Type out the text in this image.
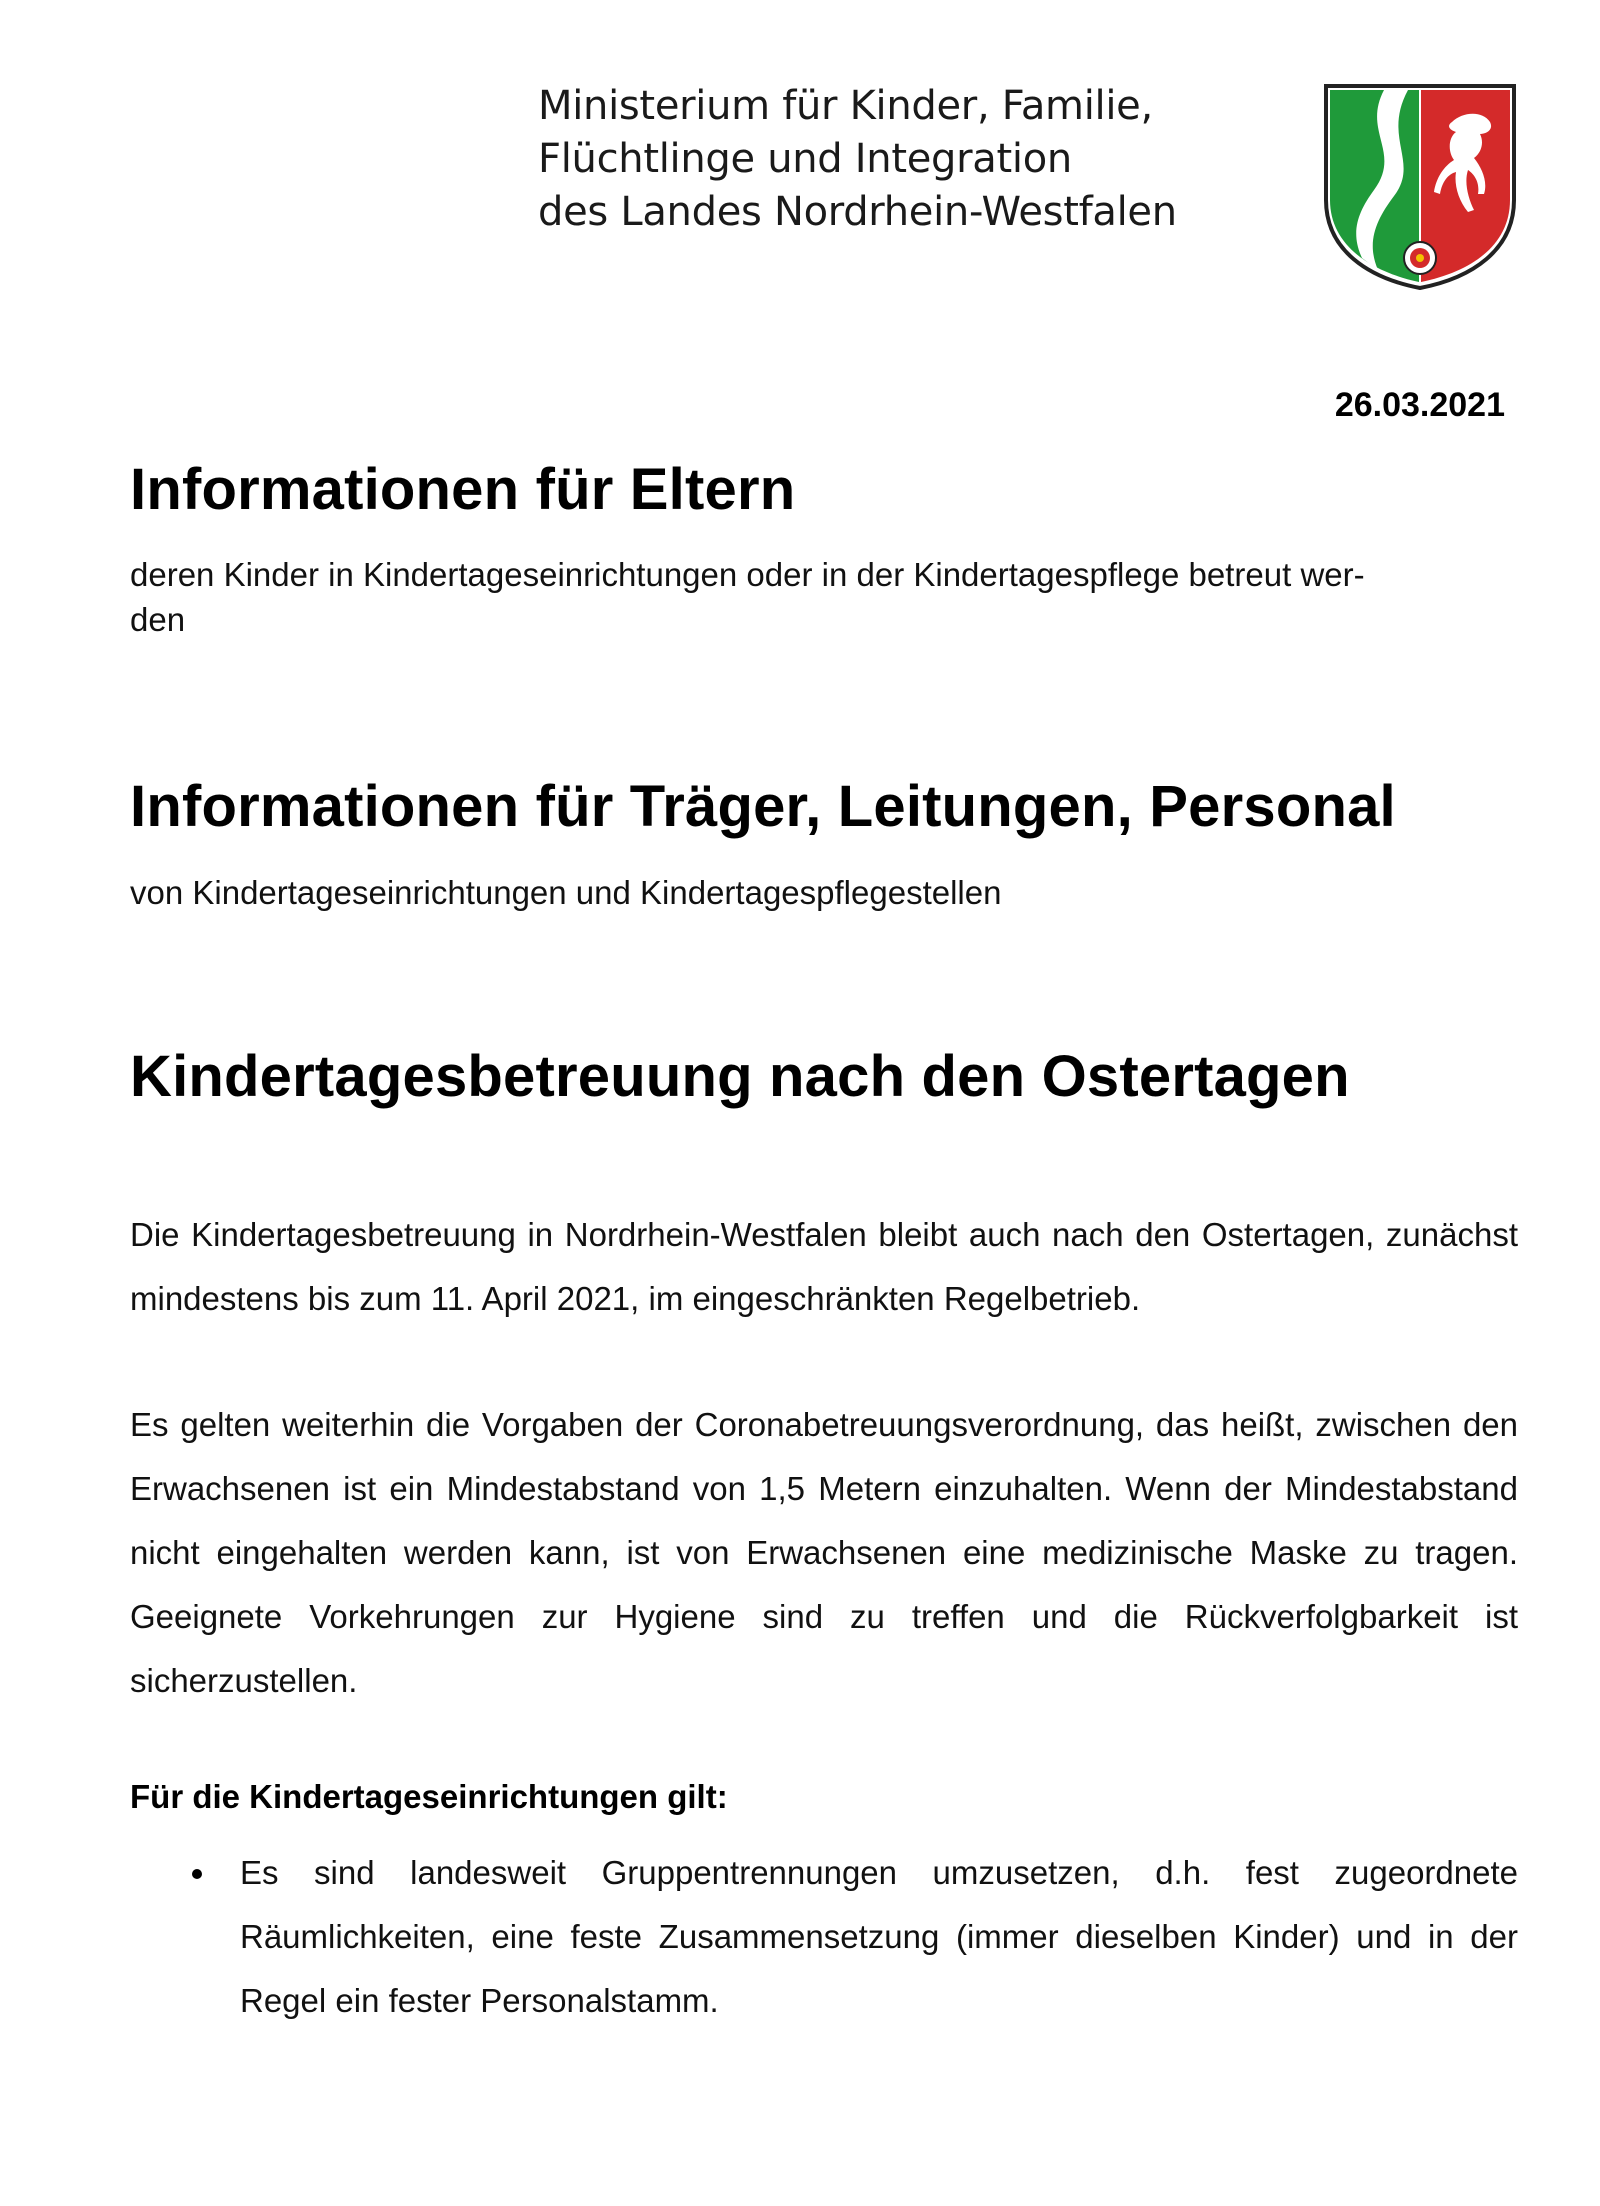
Ministerium für Kinder, Familie,
Flüchtlinge und Integration
des Landes Nordrhein-Westfalen
26.03.2021
Informationen für Eltern
deren Kinder in Kindertageseinrichtungen oder in der Kindertagespflege betreut wer-
den
Informationen für Träger, Leitungen, Personal
von Kindertageseinrichtungen und Kindertagespflegestellen
Kindertagesbetreuung nach den Ostertagen
Die Kindertagesbetreuung in Nordrhein-Westfalen bleibt auch nach den Ostertagen, zunächst mindestens bis zum 11. April 2021, im eingeschränkten Regelbetrieb.
Es gelten weiterhin die Vorgaben der Coronabetreuungsverordnung, das heißt, zwischen den Erwachsenen ist ein Mindestabstand von 1,5 Metern einzuhalten. Wenn der Mindestabstand nicht eingehalten werden kann, ist von Erwachsenen eine medizinische Maske zu tragen. Geeignete Vorkehrungen zur Hygiene sind zu treffen und die Rückverfolgbarkeit ist sicherzustellen.
Für die Kindertageseinrichtungen gilt:
Es sind landesweit Gruppentrennungen umzusetzen, d.h. fest zugeordnete Räumlichkeiten, eine feste Zusammensetzung (immer dieselben Kinder) und in der Regel ein fester Personalstamm.
